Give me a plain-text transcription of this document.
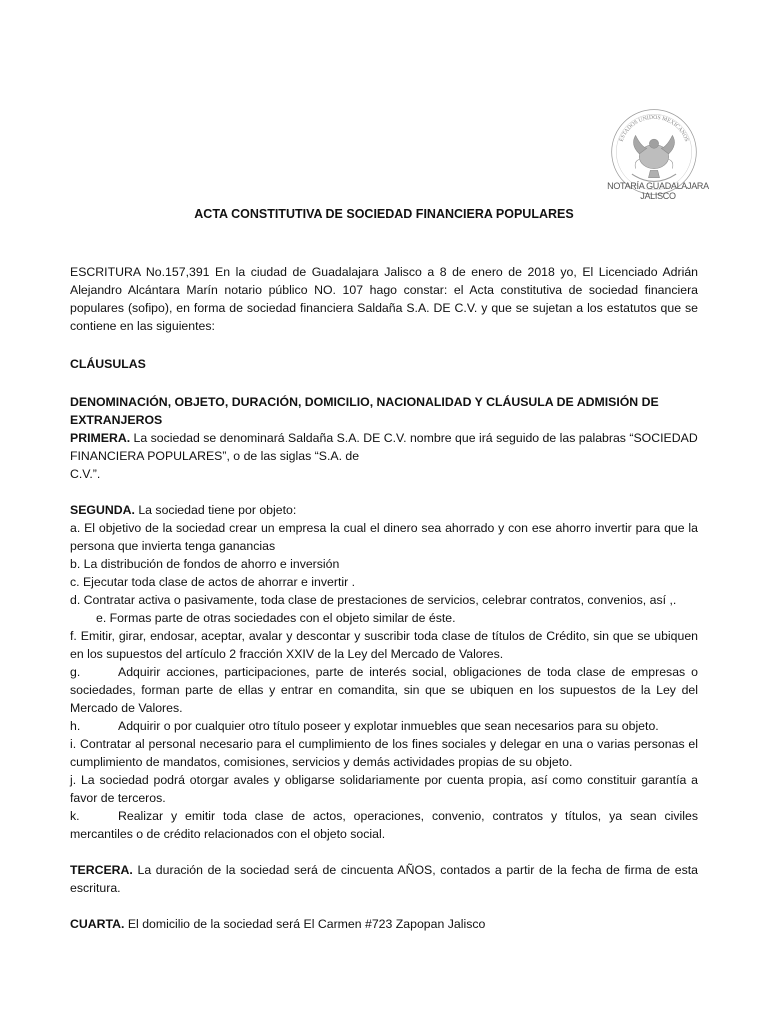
ESTADOS UNIDOS MEXICANOS
NOTARÍA GUADALAJARA JALISCO
ACTA CONSTITUTIVA DE SOCIEDAD FINANCIERA POPULARES

ESCRITURA No.157,391 En la ciudad de Guadalajara Jalisco a 8 de enero de 2018 yo, El Licenciado Adrián Alejandro Alcántara Marín notario público NO. 107 hago constar: el Acta constitutiva de sociedad financiera populares (sofipo), en forma de sociedad financiera Saldaña S.A. DE C.V. y que se sujetan a los estatutos que se contiene en las siguientes:

CLÁUSULAS

DENOMINACIÓN, OBJETO, DURACIÓN, DOMICILIO, NACIONALIDAD Y CLÁUSULA DE ADMISIÓN DE EXTRANJEROS

PRIMERA. La sociedad se denominará Saldaña S.A. DE C.V. nombre que irá seguido de las palabras “SOCIEDAD FINANCIERA POPULARES”, o de las siglas “S.A. de

C.V.”.

SEGUNDA. La sociedad tiene por objeto:

a. El objetivo de la sociedad crear un empresa la cual el dinero sea ahorrado y con ese ahorro invertir para que la persona que invierta tenga ganancias

b. La distribución de fondos de ahorro e inversión

c. Ejecutar toda clase de actos de ahorrar e invertir .

d. Contratar activa o pasivamente, toda clase de prestaciones de servicios, celebrar contratos, convenios, así ,.

e. Formas parte de otras sociedades con el objeto similar de éste.

f. Emitir, girar, endosar, aceptar, avalar y descontar y suscribir toda clase de títulos de Crédito, sin que se ubiquen en los supuestos del artículo 2 fracción XXIV de la Ley del Mercado de Valores.

g.	Adquirir acciones, participaciones, parte de interés social, obligaciones de toda clase de empresas o sociedades, forman parte de ellas y entrar en comandita, sin que se ubiquen en los supuestos de la Ley del Mercado de Valores.

h.	Adquirir o por cualquier otro título poseer y explotar inmuebles que sean necesarios para su objeto.

i. Contratar al personal necesario para el cumplimiento de los fines sociales y delegar en una o varias personas el cumplimiento de mandatos, comisiones, servicios y demás actividades propias de su objeto.

j. La sociedad podrá otorgar avales y obligarse solidariamente por cuenta propia, así como constituir garantía a favor de terceros.

k.	Realizar y emitir toda clase de actos, operaciones, convenio, contratos y títulos, ya sean civiles mercantiles o de crédito relacionados con el objeto social.

TERCERA. La duración de la sociedad será de cincuenta AÑOS, contados a partir de la fecha de firma de esta escritura.

CUARTA. El domicilio de la sociedad será El Carmen #723 Zapopan Jalisco
